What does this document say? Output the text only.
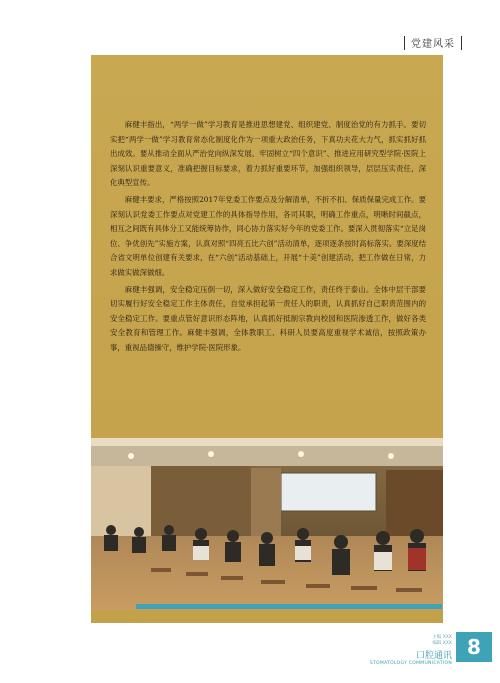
党建风采

麻健丰指出，“两学一做”学习教育是推进思想建党、组织建党、制度治党的有力抓手。要切实把“两学一做”学习教育常态化制度化作为一项重大政治任务，下真功夫花大力气，抓实抓好抓出成效。要从推动全面从严治党向纵深发展、牢固树立“四个意识”、推进应用研究型学院·医院上深刻认识重要意义，准确把握目标要求，着力抓好重要环节，加强组织领导，层层压实责任，深化典型宣传。

麻健丰要求，严格按照2017年党委工作要点及分解清单，不折不扣、保质保量完成工作。要深刻认识党委工作要点对党建工作的具体指导作用，各司其职，明确工作重点，明晰时间截点，相互之间既有具体分工又能统筹协作，同心协力落实好今年的党委工作。要深入贯彻落实“立足岗位、争优创先”实施方案，认真对照“四亮五比六创”活动清单，逐项逐条按时高标落实。要深度结合省文明单位创建有关要求，在“六创”活动基础上，开展“十美”创建活动，把工作做在日常，力求做实做深做细。

麻健丰强调，安全稳定压倒一切，深入做好安全稳定工作，责任终于泰山。全体中层干部要切实履行好安全稳定工作主体责任，自觉承担起第一责任人的职责，认真抓好自己职责范围内的安全稳定工作。要重点管好意识形态阵地，认真抓好抵制宗教向校园和医院渗透工作，做好各类安全教育和管理工作。麻健丰强调，全体教职工、科研人员要高度重视学术诚信，按照政策办事，重视品德操守，维护学院·医院形象。

主编 XXX
编辑 XXX
口腔通讯
STOMATOLOGY COMMUNICATION
8
